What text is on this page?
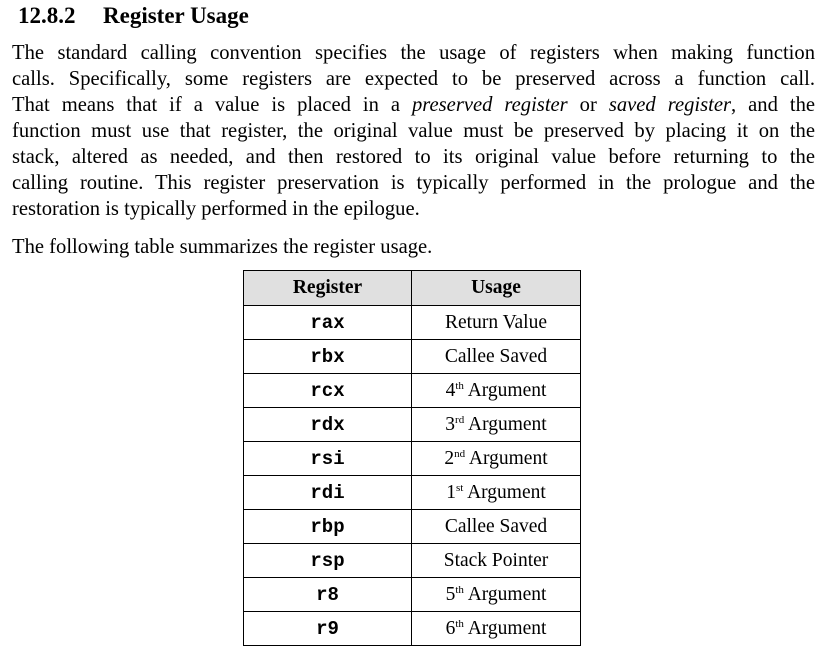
12.8.2 Register Usage
The standard calling convention specifies the usage of registers when making function
calls. Specifically, some registers are expected to be preserved across a function call.
That means that if a value is placed in a preserved register or saved register, and the
function must use that register, the original value must be preserved by placing it on the
stack, altered as needed, and then restored to its original value before returning to the
calling routine. This register preservation is typically performed in the prologue and the
restoration is typically performed in the epilogue.
The following table summarizes the register usage.
Register	Usage
rax	Return Value
rbx	Callee Saved
rcx	4th Argument
rdx	3rd Argument
rsi	2nd Argument
rdi	1st Argument
rbp	Callee Saved
rsp	Stack Pointer
r8	5th Argument
r9	6th Argument
